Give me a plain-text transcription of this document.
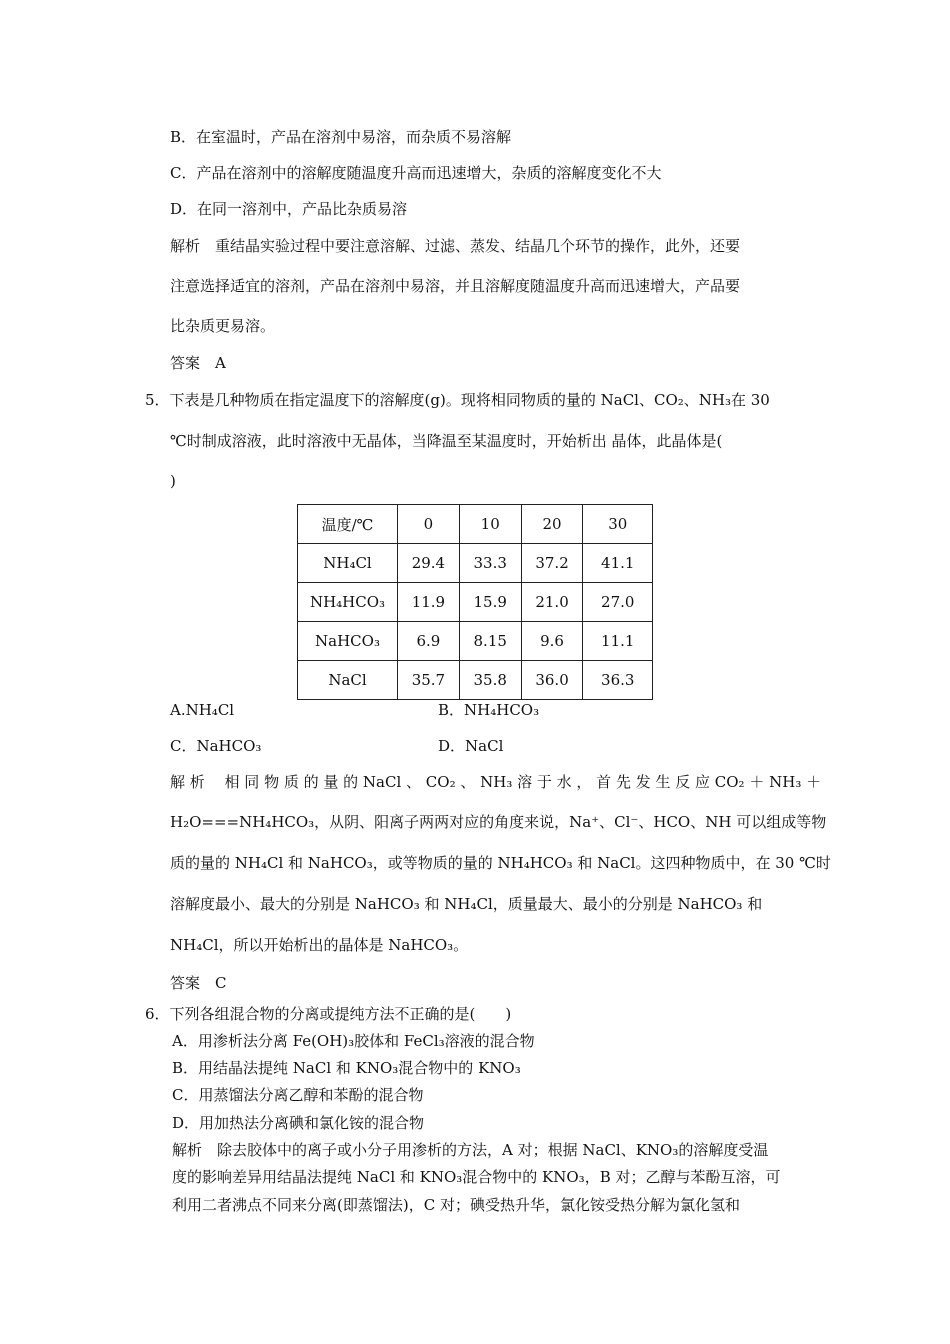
B．在室温时，产品在溶剂中易溶，而杂质不易溶解
C．产品在溶剂中的溶解度随温度升高而迅速增大，杂质的溶解度变化不大
D．在同一溶剂中，产品比杂质易溶
解析　重结晶实验过程中要注意溶解、过滤、蒸发、结晶几个环节的操作，此外，还要
注意选择适宜的溶剂，产品在溶剂中易溶，并且溶解度随温度升高而迅速增大，产品要
比杂质更易溶。
答案　A
5．下表是几种物质在指定温度下的溶解度(g)。现将相同物质的量的 NaCl、CO₂、NH₃在 30
℃时制成溶液，此时溶液中无晶体，当降温至某温度时，开始析出 晶体，此晶体是(
)
温度/℃	0	10	20	30
NH₄Cl	29.4	33.3	37.2	41.1
NH₄HCO₃	11.9	15.9	21.0	27.0
NaHCO₃	6.9	8.15	9.6	11.1
NaCl	35.7	35.8	36.0	36.3
A.NH₄Cl	B．NH₄HCO₃
C．NaHCO₃	D．NaCl
解 析　 相 同 物 质 的 量 的 NaCl 、 CO₂ 、 NH₃ 溶 于 水 ， 首 先 发 生 反 应 CO₂ ＋ NH₃ ＋
H₂O===NH₄HCO₃，从阴、阳离子两两对应的角度来说，Na⁺、Cl⁻、HCO、NH 可以组成等物
质的量的 NH₄Cl 和 NaHCO₃，或等物质的量的 NH₄HCO₃ 和 NaCl。这四种物质中，在 30 ℃时
溶解度最小、最大的分别是 NaHCO₃ 和 NH₄Cl，质量最大、最小的分别是 NaHCO₃ 和
NH₄Cl，所以开始析出的晶体是 NaHCO₃。
答案　C
6．下列各组混合物的分离或提纯方法不正确的是(　　)
A．用渗析法分离 Fe(OH)₃胶体和 FeCl₃溶液的混合物
B．用结晶法提纯 NaCl 和 KNO₃混合物中的 KNO₃
C．用蒸馏法分离乙醇和苯酚的混合物
D．用加热法分离碘和氯化铵的混合物
解析　除去胶体中的离子或小分子用渗析的方法，A 对；根据 NaCl、KNO₃的溶解度受温
度的影响差异用结晶法提纯 NaCl 和 KNO₃混合物中的 KNO₃，B 对；乙醇与苯酚互溶，可
利用二者沸点不同来分离(即蒸馏法)，C 对；碘受热升华，氯化铵受热分解为氯化氢和
